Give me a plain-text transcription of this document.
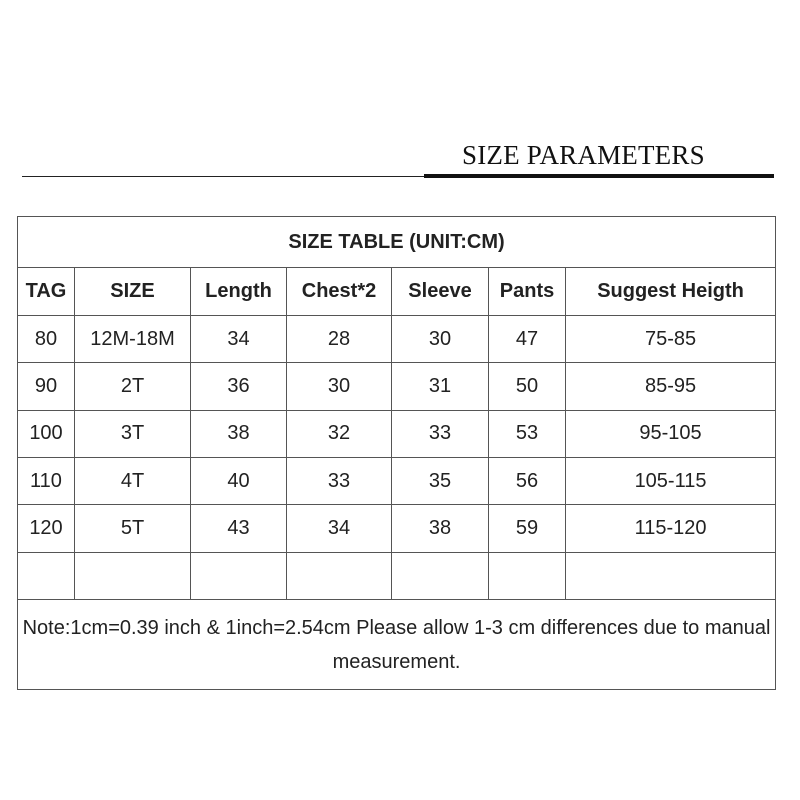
SIZE PARAMETERS
SIZE TABLE (UNIT:CM)						
TAG	SIZE	Length	Chest*2	Sleeve	Pants	Suggest Heigth
80	12M-18M	34	28	30	47	75-85
90	2T	36	30	31	50	85-95
100	3T	38	32	33	53	95-105
110	4T	40	33	35	56	105-115
120	5T	43	34	38	59	115-120

Note:1cm=0.39 inch & 1inch=2.54cm Please allow 1-3 cm differences due to manual measurement.						
